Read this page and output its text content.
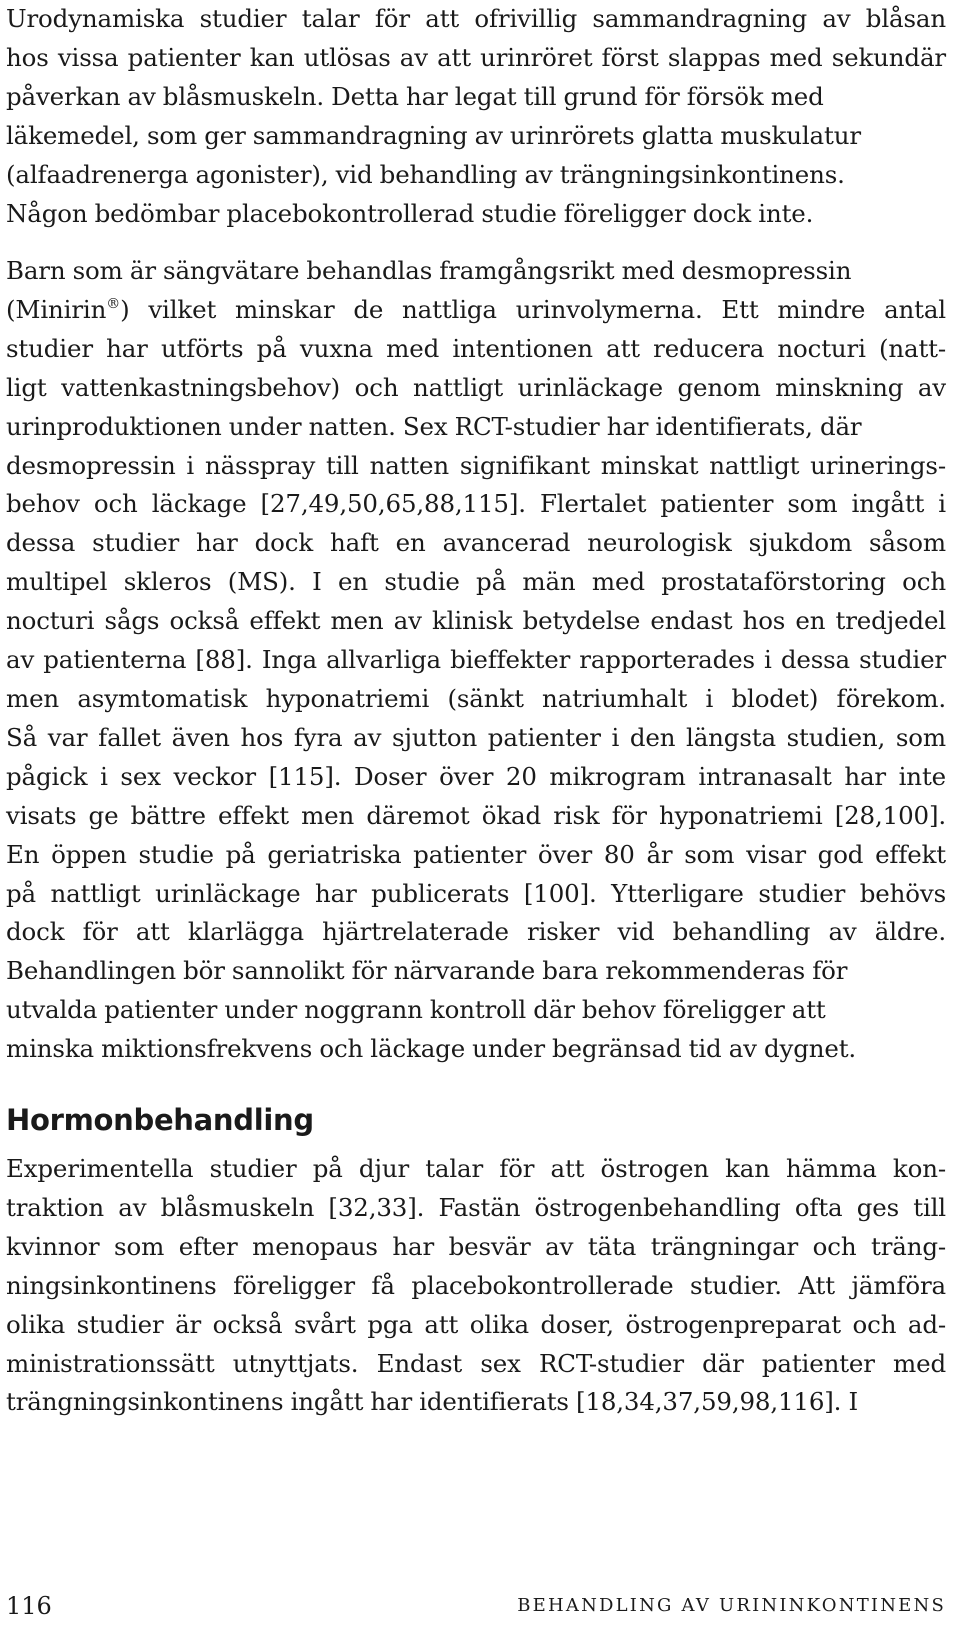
Urodynamiska studier talar för att ofrivillig sammandragning av blåsan
hos vissa patienter kan utlösas av att urinröret först slappas med sekundär
påverkan av blåsmuskeln. Detta har legat till grund för försök med
läkemedel, som ger sammandragning av urinrörets glatta muskulatur
(alfaadrenerga agonister), vid behandling av trängningsinkontinens.
Någon bedömbar placebokontrollerad studie föreligger dock inte.
Barn som är sängvätare behandlas framgångsrikt med desmopressin
(Minirin®) vilket minskar de nattliga urinvolymerna. Ett mindre antal
studier har utförts på vuxna med intentionen att reducera nocturi (natt-
ligt vattenkastningsbehov) och nattligt urinläckage genom minskning av
urinproduktionen under natten. Sex RCT-studier har identifierats, där
desmopressin i nässpray till natten signifikant minskat nattligt urinerings-
behov och läckage [27,49,50,65,88,115]. Flertalet patienter som ingått i
dessa studier har dock haft en avancerad neurologisk sjukdom såsom
multipel skleros (MS). I en studie på män med prostataförstoring och
nocturi sågs också effekt men av klinisk betydelse endast hos en tredjedel
av patienterna [88]. Inga allvarliga bieffekter rapporterades i dessa studier
men asymtomatisk hyponatriemi (sänkt natriumhalt i blodet) förekom.
Så var fallet även hos fyra av sjutton patienter i den längsta studien, som
pågick i sex veckor [115]. Doser över 20 mikrogram intranasalt har inte
visats ge bättre effekt men däremot ökad risk för hyponatriemi [28,100].
En öppen studie på geriatriska patienter över 80 år som visar god effekt
på nattligt urinläckage har publicerats [100]. Ytterligare studier behövs
dock för att klarlägga hjärtrelaterade risker vid behandling av äldre.
Behandlingen bör sannolikt för närvarande bara rekommenderas för
utvalda patienter under noggrann kontroll där behov föreligger att
minska miktionsfrekvens och läckage under begränsad tid av dygnet.
Hormonbehandling
Experimentella studier på djur talar för att östrogen kan hämma kon-
traktion av blåsmuskeln [32,33]. Fastän östrogenbehandling ofta ges till
kvinnor som efter menopaus har besvär av täta trängningar och träng-
ningsinkontinens föreligger få placebokontrollerade studier. Att jämföra
olika studier är också svårt pga att olika doser, östrogenpreparat och ad-
ministrationssätt utnyttjats. Endast sex RCT-studier där patienter med
trängningsinkontinens ingått har identifierats [18,34,37,59,98,116]. I
116	BEHANDLING AV URININKONTINENS
